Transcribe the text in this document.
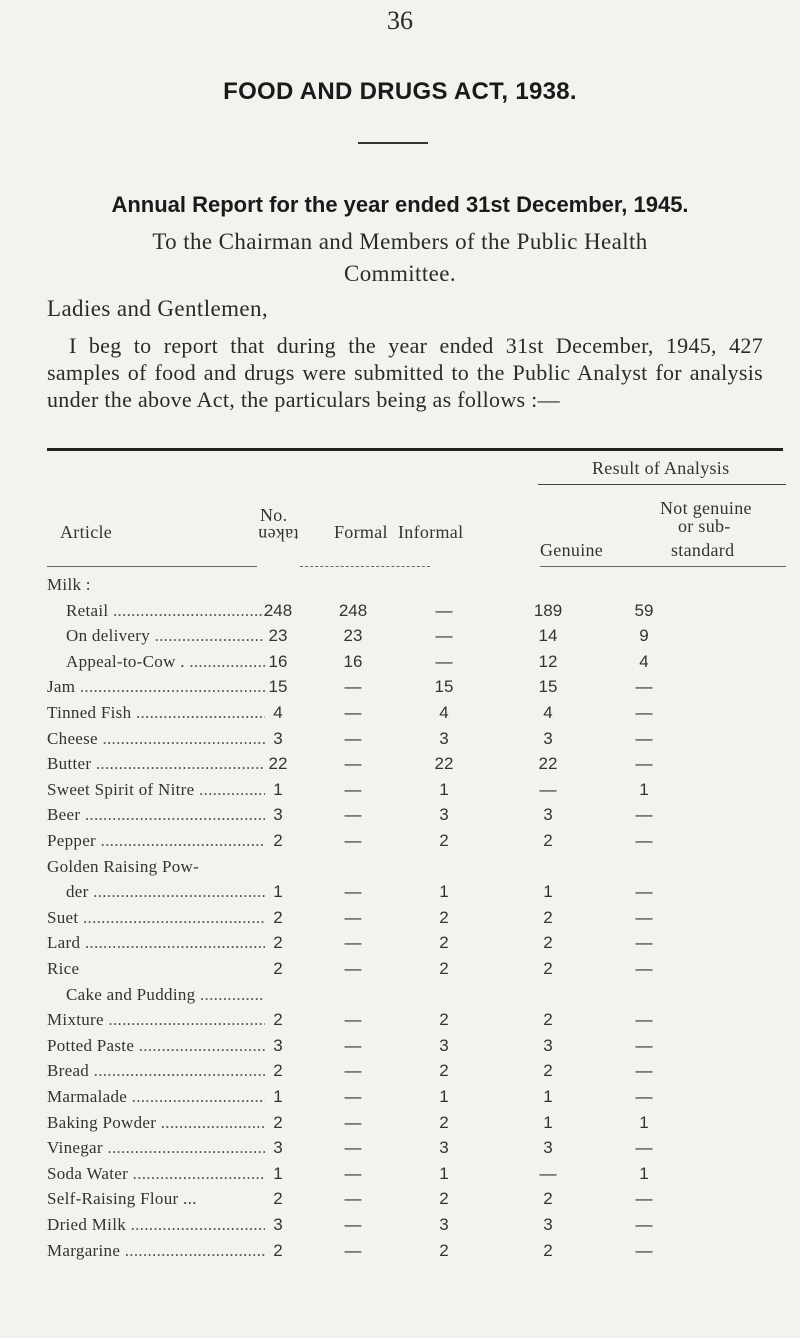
36
FOOD AND DRUGS ACT, 1938.
Annual Report for the year ended 31st December, 1945.
To the Chairman and Members of the Public Health
Committee.
Ladies and Gentlemen,
I beg to report that during the year ended 31st December, 1945, 427 samples of food and drugs were submitted to the Public Analyst for analysis under the above Act, the particulars being as follows :—
Article
No.
taken Formal Informal
Result of Analysis
Not genuine
or sub-
Genuine	standard
Milk :
Retail .....	248	248	—	189	59
On delivery .....	23	23	—	14	9
Appeal-to-Cow . .....	16	16	—	12	4
Jam .....	15	—	15	15	—
Tinned Fish .....	4	—	4	4	—
Cheese .....	3	—	3	3	—
Butter .....	22	—	22	22	—
Sweet Spirit of Nitre .....	1	—	1	—	1
Beer .....	3	—	3	3	—
Pepper .....	2	—	2	2	—
Golden Raising Pow-
der .....	1	—	1	1	—
Suet .....	2	—	2	2	—
Lard .....	2	—	2	2	—
Rice	2	—	2	2	—
Cake and Pudding .....
Mixture .....	2	—	2	2	—
Potted Paste .....	3	—	3	3	—
Bread .....	2	—	2	2	—
Marmalade .....	1	—	1	1	—
Baking Powder .....	2	—	2	1	1
Vinegar .....	3	—	3	3	—
Soda Water .....	1	—	1	—	1
Self-Raising Flour ...	2	—	2	2	—
Dried Milk .....	3	—	3	3	—
Margarine .....	2	—	2	2	—
